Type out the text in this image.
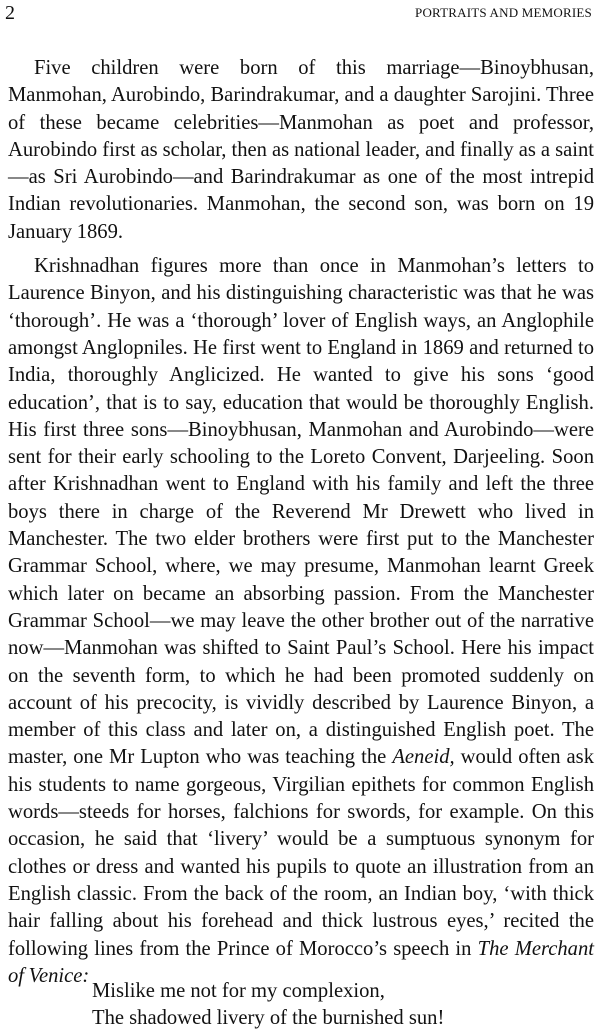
2	PORTRAITS AND MEMORIES

Five children were born of this marriage—Binoybhusan, Manmohan, Aurobindo, Barindrakumar, and a daughter Sarojini. Three of these became celebrities—Manmohan as poet and professor, Aurobindo first as scholar, then as national leader, and finally as a saint—as Sri Aurobindo—and Barindrakumar as one of the most intrepid Indian revolutionaries. Manmohan, the second son, was born on 19 January 1869.

Krishnadhan figures more than once in Manmohan’s letters to Laurence Binyon, and his distinguishing characteristic was that he was ‘thorough’. He was a ‘thorough’ lover of English ways, an Anglophile amongst Anglopniles. He first went to England in 1869 and returned to India, thoroughly Anglicized. He wanted to give his sons ‘good education’, that is to say, education that would be thoroughly English. His first three sons—Binoybhusan, Manmohan and Aurobindo—were sent for their early schooling to the Loreto Convent, Darjeeling. Soon after Krishnadhan went to England with his family and left the three boys there in charge of the Reverend Mr Drewett who lived in Manchester. The two elder brothers were first put to the Manchester Grammar School, where, we may presume, Manmohan learnt Greek which later on became an absorbing passion. From the Manchester Grammar School—we may leave the other brother out of the narrative now—Manmohan was shifted to Saint Paul’s School. Here his impact on the seventh form, to which he had been promoted suddenly on account of his precocity, is vividly described by Laurence Binyon, a member of this class and later on, a distinguished English poet. The master, one Mr Lupton who was teaching the Aeneid, would often ask his students to name gorgeous, Virgilian epithets for common English words—steeds for horses, falchions for swords, for example. On this occasion, he said that ‘livery’ would be a sumptuous synonym for clothes or dress and wanted his pupils to quote an illustration from an English classic. From the back of the room, an Indian boy, ‘with thick hair falling about his forehead and thick lustrous eyes,’ recited the following lines from the Prince of Morocco’s speech in The Merchant of Venice:

Mislike me not for my complexion,
The shadowed livery of the burnished sun!
